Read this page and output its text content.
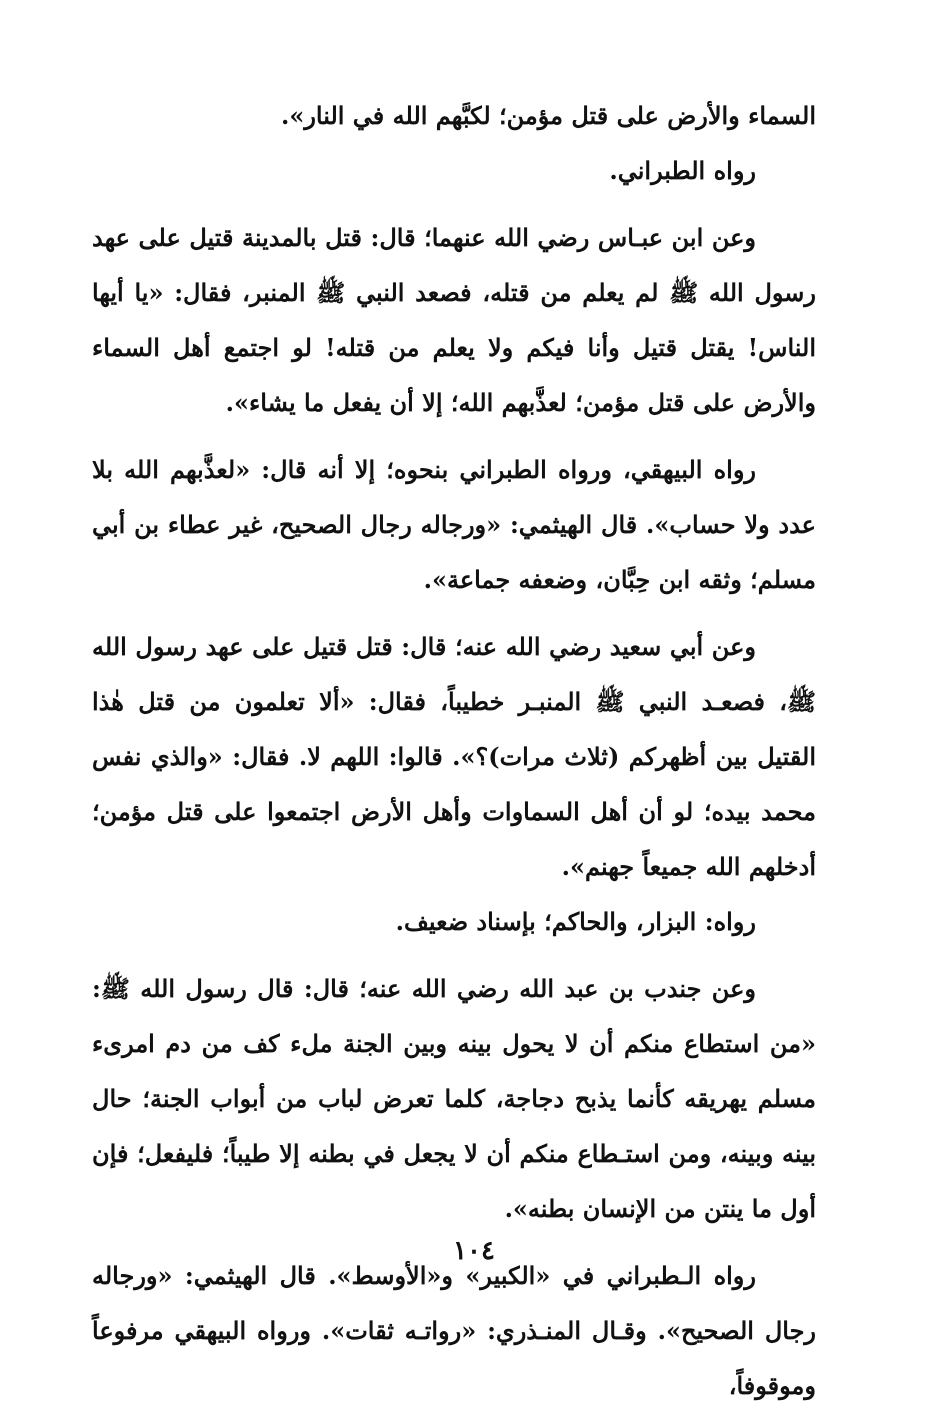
السماء والأرض على قتل مؤمن؛ لكبَّهم الله في النار».

رواه الطبراني.

وعن ابن عبـاس رضي الله عنهما؛ قال: قتل بالمدينة قتيل على عهد رسول الله ﷺ لم يعلم من قتله، فصعد النبي ﷺ المنبر، فقال: «يا أيها الناس! يقتل قتيل وأنا فيكم ولا يعلم من قتله! لو اجتمع أهل السماء والأرض على قتل مؤمن؛ لعذَّبهم الله؛ إلا أن يفعل ما يشاء».

رواه البيهقي، ورواه الطبراني بنحوه؛ إلا أنه قال: «لعذَّبهم الله بلا عدد ولا حساب». قال الهيثمي: «ورجاله رجال الصحيح، غير عطاء بن أبي مسلم؛ وثقه ابن حِبَّان، وضعفه جماعة».

وعن أبي سعيد رضي الله عنه؛ قال: قتل قتيل على عهد رسول الله ﷺ، فصعـد النبي ﷺ المنبـر خطيباً، فقال: «ألا تعلمون من قتل هٰذا القتيل بين أظهركم (ثلاث مرات)؟». قالوا: اللهم لا. فقال: «والذي نفس محمد بيده؛ لو أن أهل السماوات وأهل الأرض اجتمعوا على قتل مؤمن؛ أدخلهم الله جميعاً جهنم».

رواه: البزار، والحاكم؛ بإسناد ضعيف.

وعن جندب بن عبد الله رضي الله عنه؛ قال: قال رسول الله ﷺ: «من استطاع منكم أن لا يحول بينه وبين الجنة ملء كف من دم امرىء مسلم يهريقه كأنما يذبح دجاجة، كلما تعرض لباب من أبواب الجنة؛ حال بينه وبينه، ومن استـطاع منكم أن لا يجعل في بطنه إلا طيباً؛ فليفعل؛ فإن أول ما ينتن من الإنسان بطنه».

رواه الـطبراني في «الكبير» و«الأوسط». قال الهيثمي: «ورجاله رجال الصحيح». وقـال المنـذري: «رواتـه ثقات». ورواه البيهقي مرفوعاً وموقوفاً،

١٠٤
